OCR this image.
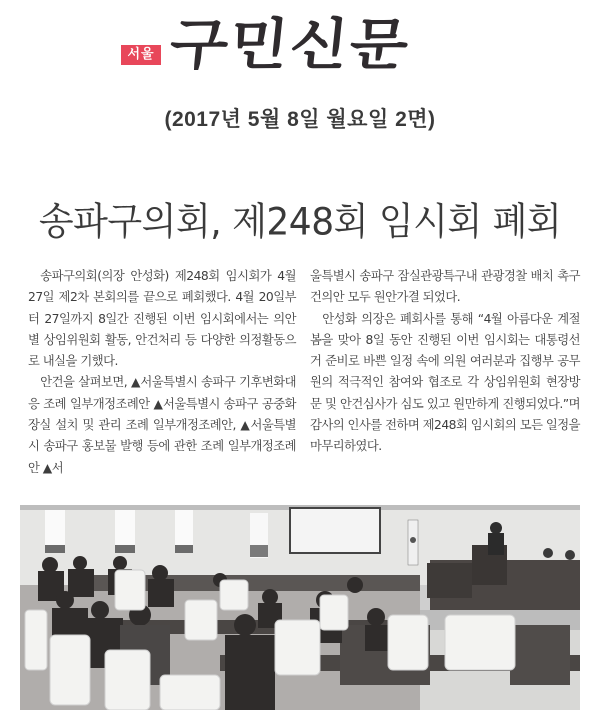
서울 구민신문
(2017년 5월 8일 월요일 2면)
송파구의회, 제248회 임시회 폐회

송파구의회(의장 안성화) 제248회 임시회가 4월 27일 제2차 본회의를 끝으로 폐회했다. 4월 20일부터 27일까지 8일간 진행된 이번 임시회에서는 의안별 상임위원회 활동, 안건처리 등 다양한 의정활동으로 내실을 기했다.

안건을 살펴보면, ▲서울특별시 송파구 기후변화대응 조례 일부개정조례안 ▲서울특별시 송파구 공중화장실 설치 및 관리 조례 일부개정조례안, ▲서울특별시 송파구 홍보물 발행 등에 관한 조례 일부개정조례안 ▲서

울특별시 송파구 잠실관광특구내 관광경찰 배치 촉구 건의안 모두 원안가결 되었다.

안성화 의장은 폐회사를 통해 “4월 아름다운 계절 봄을 맞아 8일 동안 진행된 이번 임시회는 대통령선거 준비로 바쁜 일정 속에 의원 여러분과 집행부 공무원의 적극적인 참여와 협조로 각 상임위원회 현장방문 및 안건심사가 심도 있고 원만하게 진행되었다.”며 감사의 인사를 전하며 제248회 임시회의 모든 일정을 마무리하였다.
